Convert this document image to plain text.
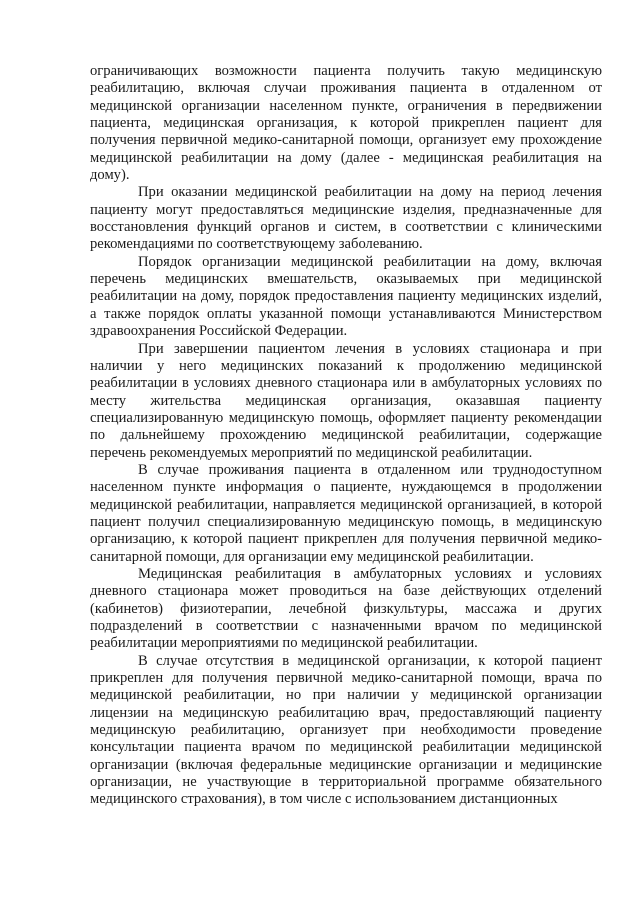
ограничивающих возможности пациента получить такую медицинскую реабилитацию, включая случаи проживания пациента в отдаленном от медицинской организации населенном пункте, ограничения в передвижении пациента, медицинская организация, к которой прикреплен пациент для получения первичной медико-санитарной помощи, организует ему прохождение медицинской реабилитации на дому (далее - медицинская реабилитация на дому).

При оказании медицинской реабилитации на дому на период лечения пациенту могут предоставляться медицинские изделия, предназначенные для восстановления функций органов и систем, в соответствии с клиническими рекомендациями по соответствующему заболеванию.

Порядок организации медицинской реабилитации на дому, включая перечень медицинских вмешательств, оказываемых при медицинской реабилитации на дому, порядок предоставления пациенту медицинских изделий, а также порядок оплаты указанной помощи устанавливаются Министерством здравоохранения Российской Федерации.

При завершении пациентом лечения в условиях стационара и при наличии у него медицинских показаний к продолжению медицинской реабилитации в условиях дневного стационара или в амбулаторных условиях по месту жительства медицинская организация, оказавшая пациенту специализированную медицинскую помощь, оформляет пациенту рекомендации по дальнейшему прохождению медицинской реабилитации, содержащие перечень рекомендуемых мероприятий по медицинской реабилитации.

В случае проживания пациента в отдаленном или труднодоступном населенном пункте информация о пациенте, нуждающемся в продолжении медицинской реабилитации, направляется медицинской организацией, в которой пациент получил специализированную медицинскую помощь, в медицинскую организацию, к которой пациент прикреплен для получения первичной медико-санитарной помощи, для организации ему медицинской реабилитации.

Медицинская реабилитация в амбулаторных условиях и условиях дневного стационара может проводиться на базе действующих отделений (кабинетов) физиотерапии, лечебной физкультуры, массажа и других подразделений в соответствии с назначенными врачом по медицинской реабилитации мероприятиями по медицинской реабилитации.

В случае отсутствия в медицинской организации, к которой пациент прикреплен для получения первичной медико-санитарной помощи, врача по медицинской реабилитации, но при наличии у медицинской организации лицензии на медицинскую реабилитацию врач, предоставляющий пациенту медицинскую реабилитацию, организует при необходимости проведение консультации пациента врачом по медицинской реабилитации медицинской организации (включая федеральные медицинские организации и медицинские организации, не участвующие в территориальной программе обязательного медицинского страхования), в том числе с использованием дистанционных
